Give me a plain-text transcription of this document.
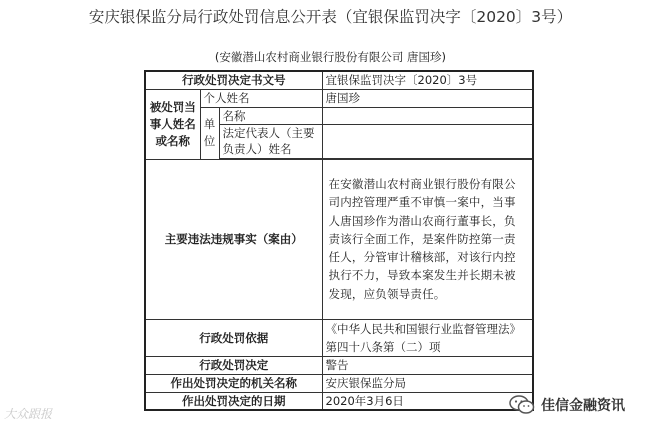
安庆银保监分局行政处罚信息公开表（宜银保监罚决字〔2020〕3号）
(安徽潜山农村商业银行股份有限公司 唐国珍)
行政处罚决定书文号			宜银保监罚决字〔2020〕3号
被处罚当事人姓名或名称	个人姓名		唐国珍
	单位	名称	
		法定代表人（主要负责人）姓名	

主要违法违规事实（案由）			在安徽潜山农村商业银行股份有限公司内控管理严重不审慎一案中，当事人唐国珍作为潜山农商行董事长，负责该行全面工作，是案件防控第一责任人，分管审计稽核部，对该行内控执行不力，导致本案发生并长期未被发现，应负领导责任。
行政处罚依据			《中华人民共和国银行业监督管理法》第四十八条第（二）项
行政处罚决定			警告
作出处罚决定的机关名称			安庆银保监分局
作出处罚决定的日期			2020年3月6日
大众跟报	佳信金融资讯
